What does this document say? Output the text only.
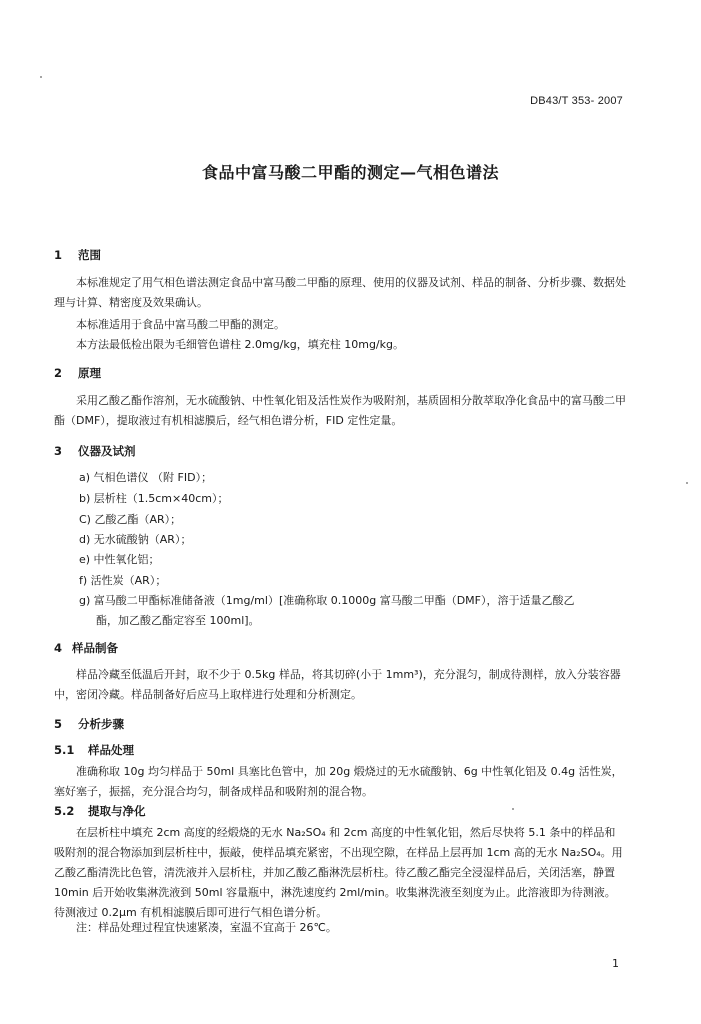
DB43/T 353- 2007
食品中富马酸二甲酯的测定—气相色谱法
1 范围
本标准规定了用气相色谱法测定食品中富马酸二甲酯的原理、使用的仪器及试剂、样品的制备、分析步骤、数据处理与计算、精密度及效果确认。
本标准适用于食品中富马酸二甲酯的测定。
本方法最低检出限为毛细管色谱柱 2.0mg/kg，填充柱 10mg/kg。
2 原理
采用乙酸乙酯作溶剂，无水硫酸钠、中性氧化铝及活性炭作为吸附剂，基质固相分散萃取净化食品中的富马酸二甲酯（DMF），提取液过有机相滤膜后，经气相色谱分析，FID 定性定量。
3 仪器及试剂
a) 气相色谱仪 （附 FID）；
b) 层析柱（1.5cm×40cm）；
C) 乙酸乙酯（AR）；
d) 无水硫酸钠（AR）；
e) 中性氧化铝；
f) 活性炭（AR）；
g) 富马酸二甲酯标准储备液（1mg/ml）[准确称取 0.1000g 富马酸二甲酯（DMF），溶于适量乙酸乙
酯，加乙酸乙酯定容至 100ml]。
4 样品制备
样品冷藏至低温后开封，取不少于 0.5kg 样品，将其切碎(小于 1mm³)，充分混匀，制成待测样，放入分装容器中，密闭冷藏。样品制备好后应马上取样进行处理和分析测定。
5 分析步骤
5.1 样品处理
准确称取 10g 均匀样品于 50ml 具塞比色管中，加 20g 煅烧过的无水硫酸钠、6g 中性氧化铝及 0.4g 活性炭，塞好塞子，振摇，充分混合均匀，制备成样品和吸附剂的混合物。
5.2 提取与净化
在层析柱中填充 2cm 高度的经煅烧的无水 Na₂SO₄ 和 2cm 高度的中性氧化铝，然后尽快将 5.1 条中的样品和吸附剂的混合物添加到层析柱中，振敲，使样品填充紧密，不出现空隙，在样品上层再加 1cm 高的无水 Na₂SO₄。用乙酸乙酯清洗比色管，清洗液并入层析柱，并加乙酸乙酯淋洗层析柱。待乙酸乙酯完全浸湿样品后，关闭活塞，静置 10min 后开始收集淋洗液到 50ml 容量瓶中，淋洗速度约 2ml/min。收集淋洗液至刻度为止。此溶液即为待测液。待测液过 0.2μm 有机相滤膜后即可进行气相色谱分析。
注：样品处理过程宜快速紧凑，室温不宜高于 26℃。
1
